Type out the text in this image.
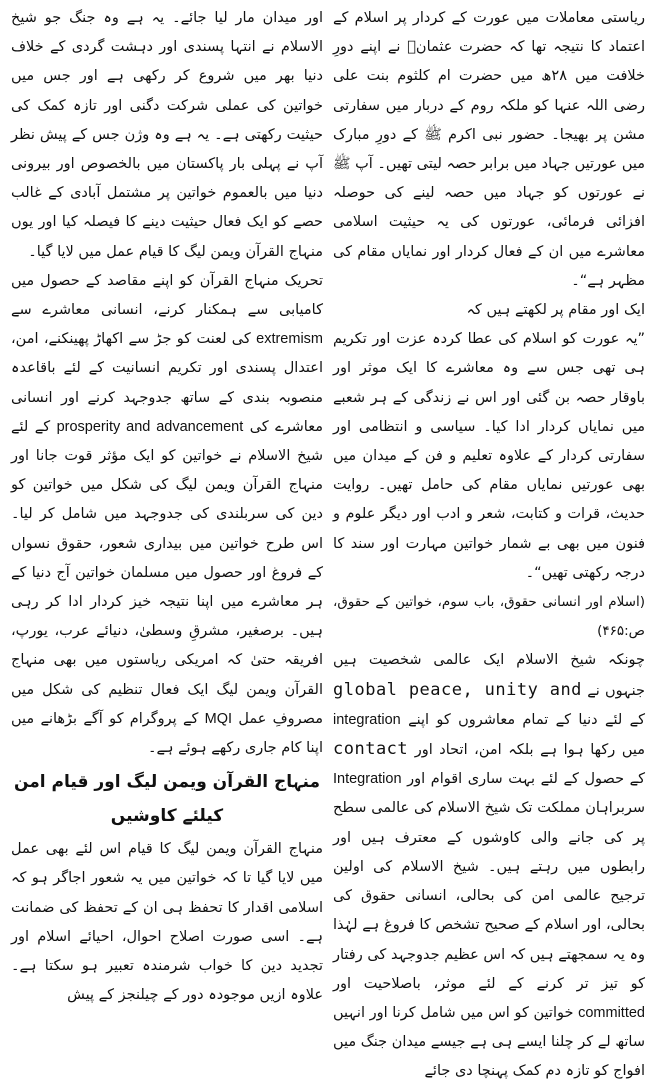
ریاستی معاملات میں عورت کے کردار پر اسلام کے اعتماد کا نتیجہ تھا کہ حضرت عثمانؓ نے اپنے دورِ خلافت میں ۲۸ھ میں حضرت ام کلثوم بنت علی رضی اللہ عنہا کو ملکہ روم کے دربار میں سفارتی مشن پر بھیجا۔ حضور نبی اکرم ﷺ کے دورِ مبارک میں عورتیں جہاد میں برابر حصہ لیتی تھیں۔ آپ ﷺ نے عورتوں کو جہاد میں حصہ لینے کی حوصلہ افزائی فرمائی، عورتوں کی یہ حیثیت اسلامی معاشرے میں ان کے فعال کردار اور نمایاں مقام کی مظہر ہے“۔

ایک اور مقام پر لکھتے ہیں کہ

”یہ عورت کو اسلام کی عطا کردہ عزت اور تکریم ہی تھی جس سے وہ معاشرے کا ایک موثر اور باوقار حصہ بن گئی اور اس نے زندگی کے ہر شعبے میں نمایاں کردار ادا کیا۔ سیاسی و انتظامی اور سفارتی کردار کے علاوہ تعلیم و فن کے میدان میں بھی عورتیں نمایاں مقام کی حامل تھیں۔ روایت حدیث، قرات و کتابت، شعر و ادب اور دیگر علوم و فنون میں بھی بے شمار خواتین مہارت اور سند کا درجہ رکھتی تھیں“۔

(اسلام اور انسانی حقوق، باب سوم، خواتین کے حقوق، ص:۴۶۵)

چونکہ شیخ الاسلام ایک عالمی شخصیت ہیں جنہوں نے global peace, unity and کے لئے دنیا کے تمام معاشروں کو اپنے integration میں رکھا ہوا ہے بلکہ امن، اتحاد اور contact کے حصول کے لئے بہت ساری اقوام اور Integration سربراہان مملکت تک شیخ الاسلام کی عالمی سطح پر کی جانے والی کاوشوں کے معترف ہیں اور رابطوں میں رہتے ہیں۔ شیخ الاسلام کی اولین ترجیح عالمی امن کی بحالی، انسانی حقوق کی بحالی، اور اسلام کے صحیح تشخص کا فروغ ہے لہٰذا وہ یہ سمجھتے ہیں کہ اس عظیم جدوجہد کی رفتار کو تیز تر کرنے کے لئے موثر، باصلاحیت اور committed خواتین کو اس میں شامل کرنا اور انہیں ساتھ لے کر چلنا ایسے ہی ہے جیسے میدان جنگ میں افواج کو تازہ دم کمک پہنچا دی جائے

اور میدان مار لیا جائے۔ یہ ہے وہ جنگ جو شیخ الاسلام نے انتہا پسندی اور دہشت گردی کے خلاف دنیا بھر میں شروع کر رکھی ہے اور جس میں خواتین کی عملی شرکت دگنی اور تازہ کمک کی حیثیت رکھتی ہے۔ یہ ہے وہ وژن جس کے پیش نظر آپ نے پہلی بار پاکستان میں بالخصوص اور بیرونی دنیا میں بالعموم خواتین پر مشتمل آبادی کے غالب حصے کو ایک فعال حیثیت دینے کا فیصلہ کیا اور یوں منہاج القرآن ویمن لیگ کا قیام عمل میں لایا گیا۔

تحریک منہاج القرآن کو اپنے مقاصد کے حصول میں کامیابی سے ہمکنار کرنے، انسانی معاشرے سے extremism کی لعنت کو جڑ سے اکھاڑ پھینکنے، امن، اعتدال پسندی اور تکریم انسانیت کے لئے باقاعدہ منصوبہ بندی کے ساتھ جدوجہد کرنے اور انسانی معاشرے کی prosperity and advancement کے لئے شیخ الاسلام نے خواتین کو ایک مؤثر قوت جانا اور منہاج القرآن ویمن لیگ کی شکل میں خواتین کو دین کی سربلندی کی جدوجہد میں شامل کر لیا۔ اس طرح خواتین میں بیداری شعور، حقوق نسواں کے فروغ اور حصول میں مسلمان خواتین آج دنیا کے ہر معاشرے میں اپنا نتیجہ خیز کردار ادا کر رہی ہیں۔ برصغیر، مشرقِ وسطیٰ، دنیائے عرب، یورپ، افریقہ حتیٰ کہ امریکی ریاستوں میں بھی منہاج القرآن ویمن لیگ ایک فعال تنظیم کی شکل میں مصروفِ عمل MQI کے پروگرام کو آگے بڑھانے میں اپنا کام جاری رکھے ہوئے ہے۔

منہاج القرآن ویمن لیگ اور قیام امن کیلئے کاوشیں

منہاج القرآن ویمن لیگ کا قیام اس لئے بھی عمل میں لایا گیا تا کہ خواتین میں یہ شعور اجاگر ہو کہ اسلامی اقدار کا تحفظ ہی ان کے تحفظ کی ضمانت ہے۔ اسی صورت اصلاح احوال، احیائے اسلام اور تجدید دین کا خواب شرمندہ تعبیر ہو سکتا ہے۔ علاوہ ازیں موجودہ دور کے چیلنجز کے پیش
